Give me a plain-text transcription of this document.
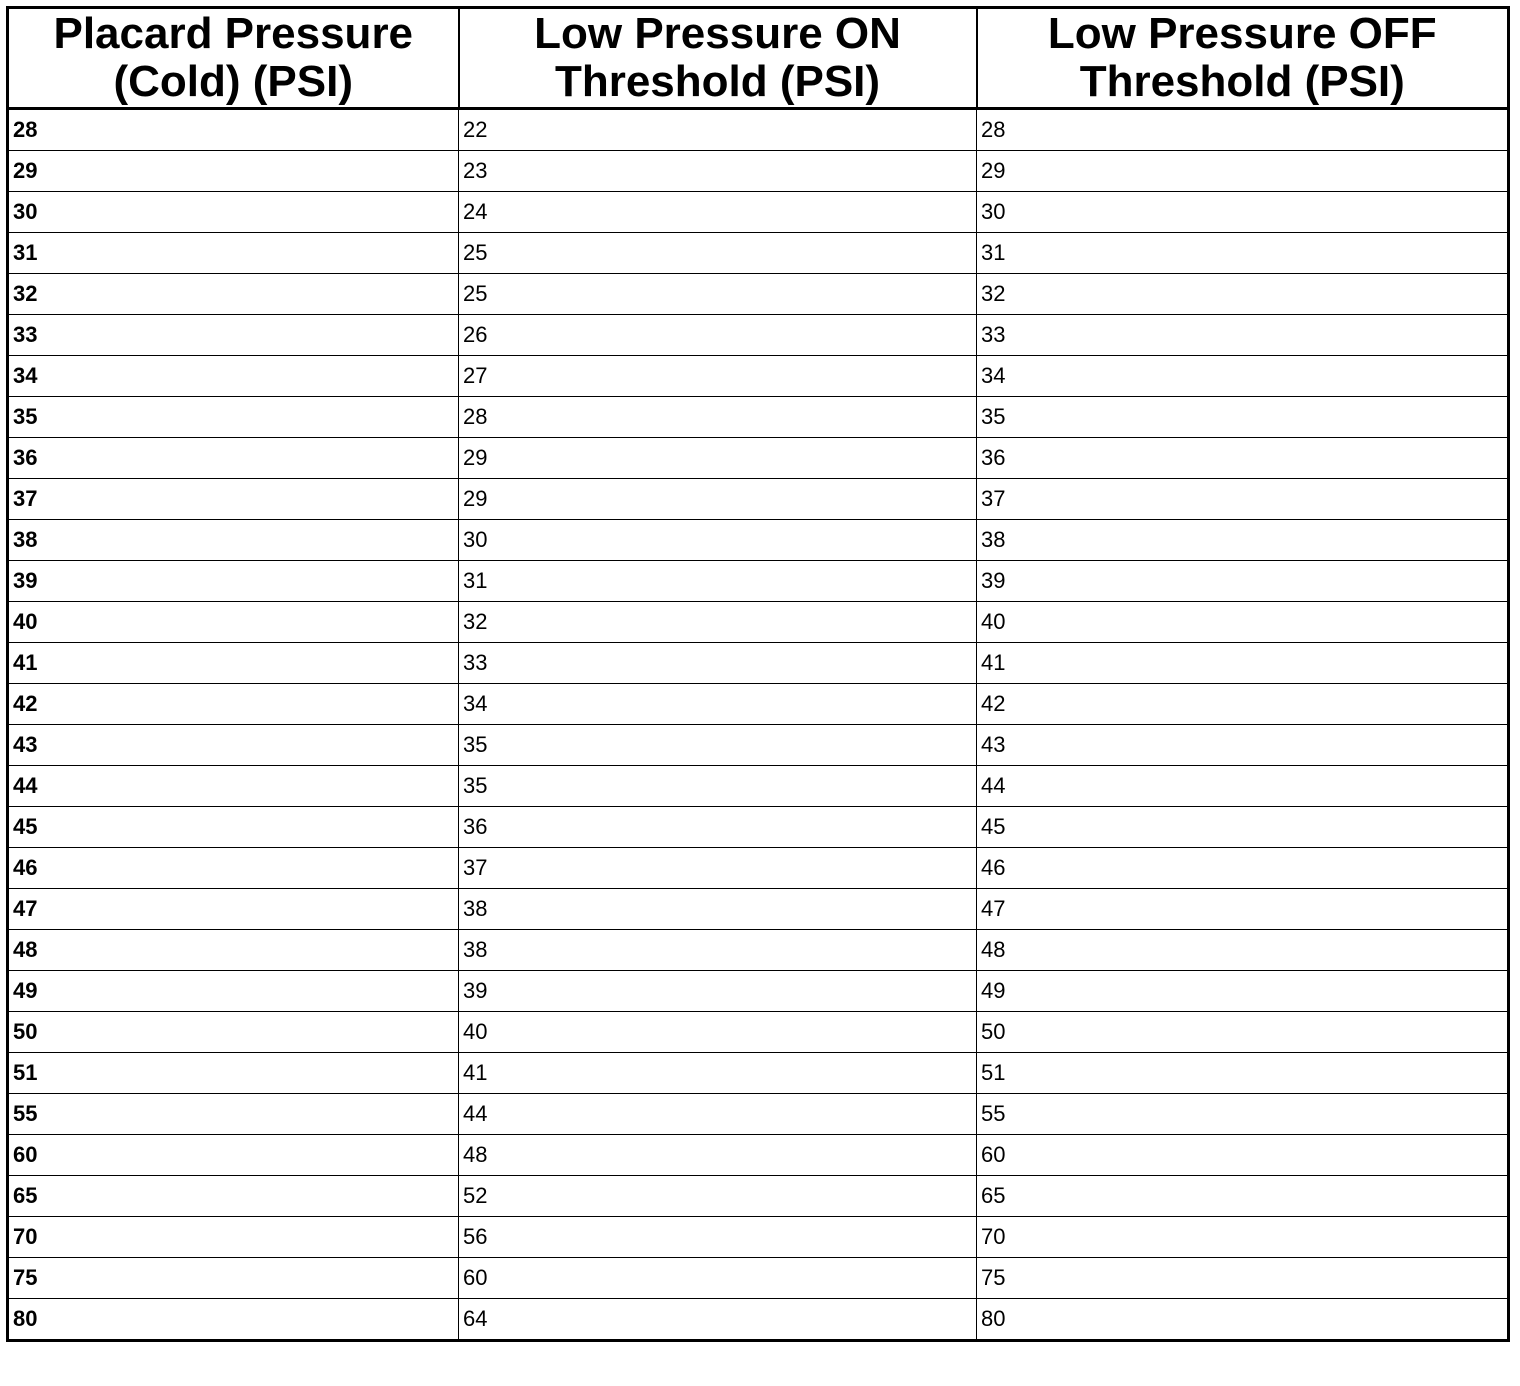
Placard Pressure (Cold) (PSI)	Low Pressure ON Threshold (PSI)	Low Pressure OFF Threshold (PSI)
28	22	28
29	23	29
30	24	30
31	25	31
32	25	32
33	26	33
34	27	34
35	28	35
36	29	36
37	29	37
38	30	38
39	31	39
40	32	40
41	33	41
42	34	42
43	35	43
44	35	44
45	36	45
46	37	46
47	38	47
48	38	48
49	39	49
50	40	50
51	41	51
55	44	55
60	48	60
65	52	65
70	56	70
75	60	75
80	64	80
